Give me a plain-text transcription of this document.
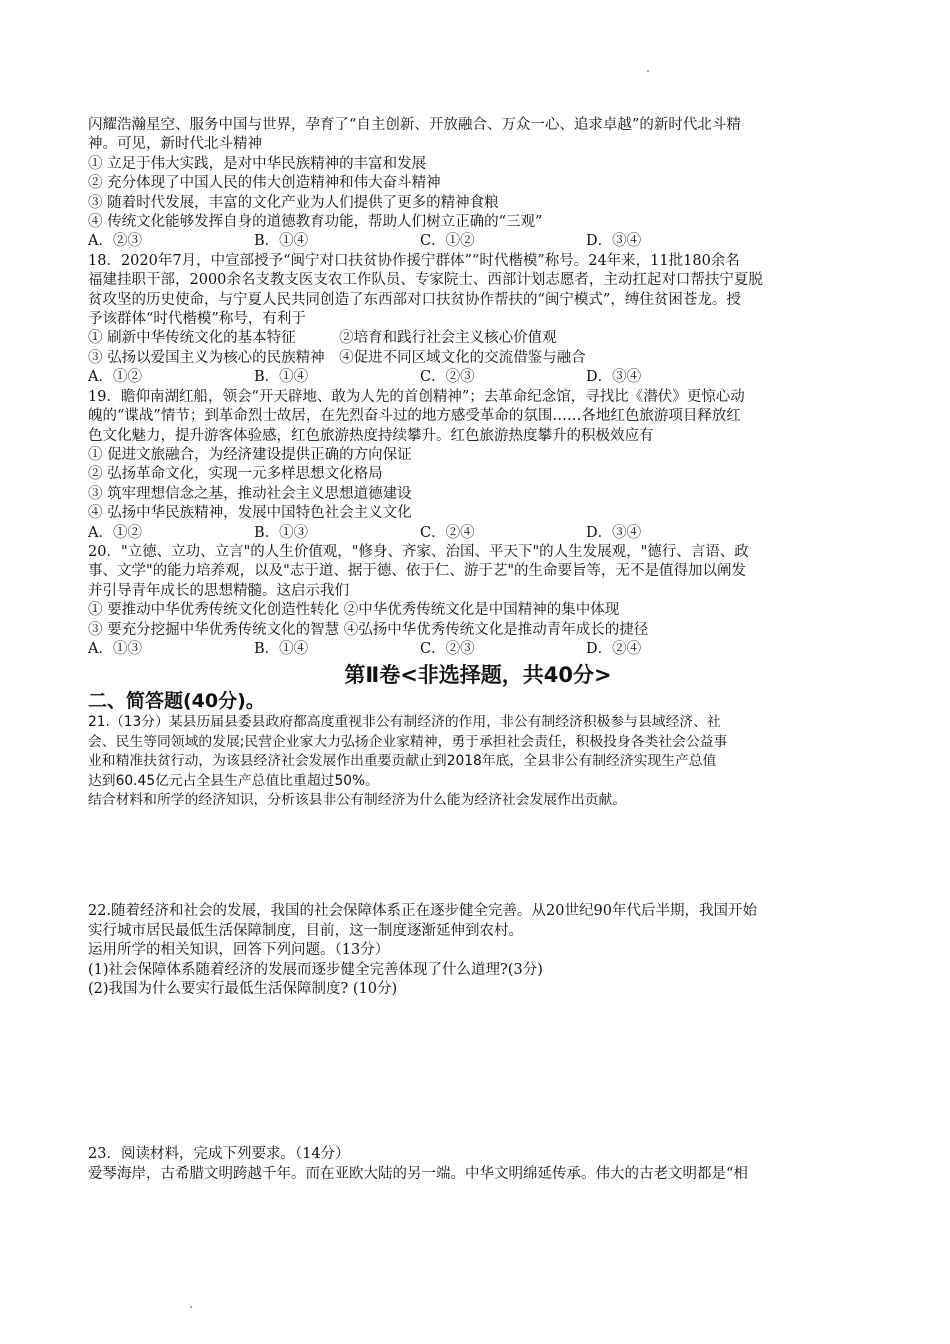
闪耀浩瀚星空、服务中国与世界，孕育了“自主创新、开放融合、万众一心、追求卓越”的新时代北斗精
神。可见，新时代北斗精神
① 立足于伟大实践，是对中华民族精神的丰富和发展
② 充分体现了中国人民的伟大创造精神和伟大奋斗精神
③ 随着时代发展，丰富的文化产业为人们提供了更多的精神食粮
④ 传统文化能够发挥自身的道德教育功能，帮助人们树立正确的“三观”
A．②③	B．①④	C．①②	D．③④
18．2020年7月，中宣部授予“闽宁对口扶贫协作援宁群体”“时代楷模”称号。24年来，11批180余名
福建挂职干部，2000余名支教支医支农工作队员、专家院士、西部计划志愿者，主动扛起对口帮扶宁夏脱
贫攻坚的历史使命，与宁夏人民共同创造了东西部对口扶贫协作帮扶的“闽宁模式”，缚住贫困苍龙。授
予该群体“时代楷模”称号，有利于
① 刷新中华传统文化的基本特征　　　②培育和践行社会主义核心价值观
③ 弘扬以爱国主义为核心的民族精神　④促进不同区域文化的交流借鉴与融合
A．①②	B．①④	C．②③	D．③④
19．瞻仰南湖红船，领会“开天辟地、敢为人先的首创精神”；去革命纪念馆，寻找比《潜伏》更惊心动
魄的“谍战”情节；到革命烈士故居，在先烈奋斗过的地方感受革命的氛围……各地红色旅游项目释放红
色文化魅力，提升游客体验感，红色旅游热度持续攀升。红色旅游热度攀升的积极效应有
① 促进文旅融合，为经济建设提供正确的方向保证
② 弘扬革命文化，实现一元多样思想文化格局
③ 筑牢理想信念之基，推动社会主义思想道德建设
④ 弘扬中华民族精神，发展中国特色社会主义文化
A．①②	B．①③	C．②④	D．③④
20．"立德、立功、立言"的人生价值观，"修身、齐家、治国、平天下"的人生发展观，"德行、言语、政
事、文学"的能力培养观，以及"志于道、据于德、依于仁、游于艺"的生命要旨等，无不是值得加以阐发
并引导青年成长的思想精髓。这启示我们
① 要推动中华优秀传统文化创造性转化 ②中华优秀传统文化是中国精神的集中体现
③ 要充分挖掘中华优秀传统文化的智慧 ④弘扬中华优秀传统文化是推动青年成长的捷径
A．①③	B．①④	C．②③	D．②④
第Ⅱ卷<非选择题，共40分>
二、简答题(40分)。
21.（13分）某县历届县委县政府都高度重视非公有制经济的作用，非公有制经济积极参与县域经济、社
会、民生等同领域的发展;民营企业家大力弘扬企业家精神，勇于承担社会责任，积极投身各类社会公益事
业和精准扶贫行动，为该县经济社会发展作出重要贡献止到2018年底，全县非公有制经济实现生产总值
达到60.45亿元占全县生产总值比重超过50%。
结合材料和所学的经济知识，分析该县非公有制经济为什么能为经济社会发展作出贡献。
22.随着经济和社会的发展，我国的社会保障体系正在逐步健全完善。从20世纪90年代后半期，我国开始
实行城市居民最低生活保障制度，目前，这一制度逐渐延伸到农村。
运用所学的相关知识，回答下列问题。（13分）
(1)社会保障体系随着经济的发展而逐步健全完善体现了什么道理?(3分)
(2)我国为什么要实行最低生活保障制度? (10分)
23．阅读材料，完成下列要求。（14分）
爱琴海岸，古希腊文明跨越千年。而在亚欧大陆的另一端。中华文明绵延传承。伟大的古老文明都是“相
